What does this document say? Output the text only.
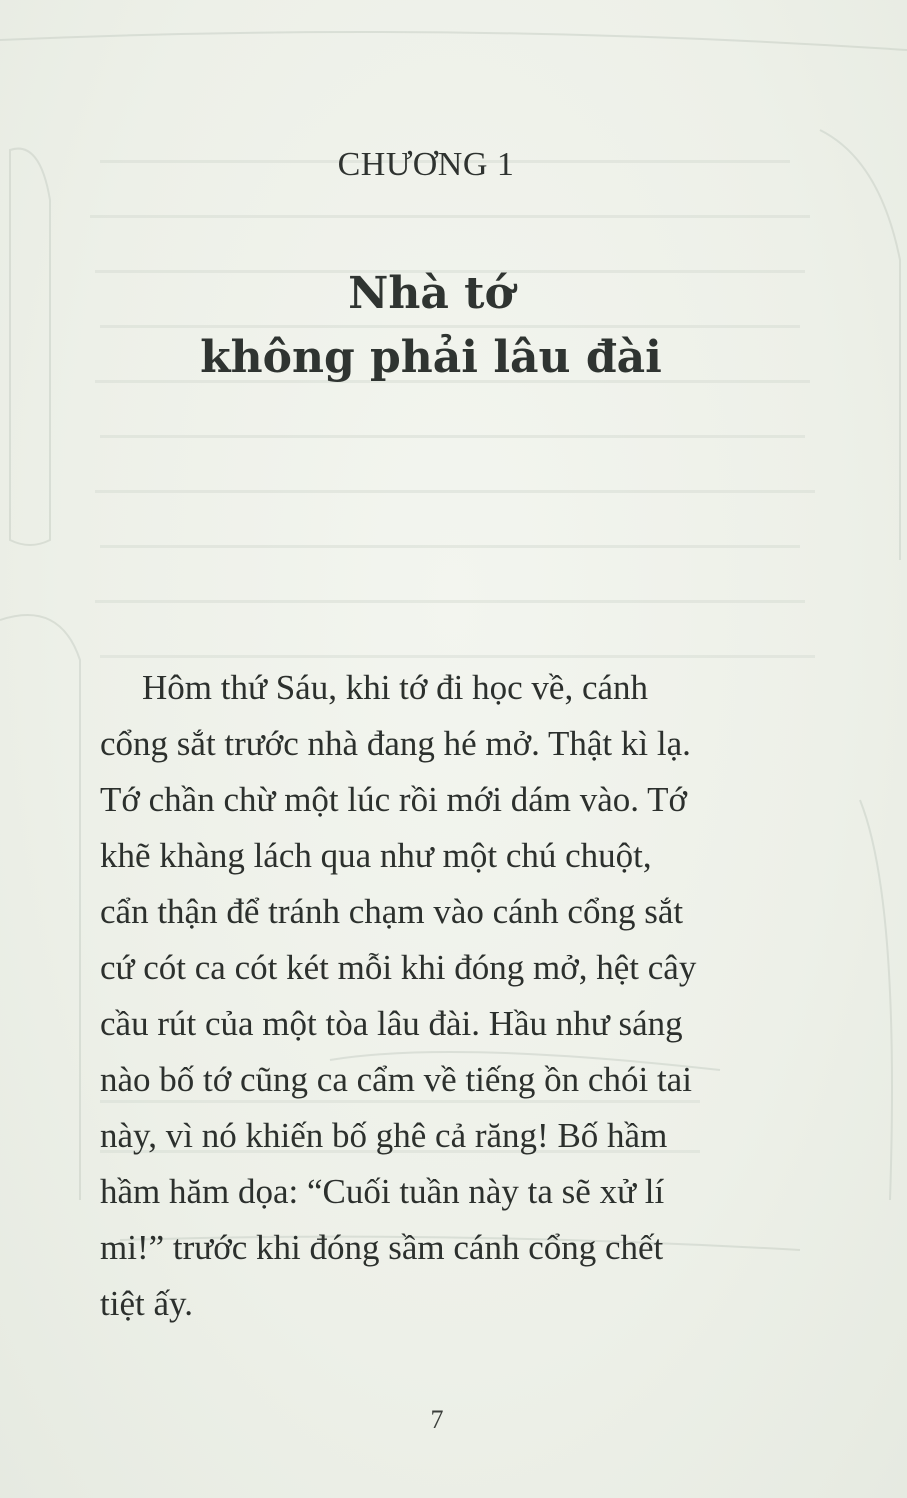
CHƯƠNG 1
Nhà tớ
không phải lâu đài
Hôm thứ Sáu, khi tớ đi học về, cánh
cổng sắt trước nhà đang hé mở. Thật kì lạ.
Tớ chần chừ một lúc rồi mới dám vào. Tớ
khẽ khàng lách qua như một chú chuột,
cẩn thận để tránh chạm vào cánh cổng sắt
cứ cót ca cót két mỗi khi đóng mở, hệt cây
cầu rút của một tòa lâu đài. Hầu như sáng
nào bố tớ cũng ca cẩm về tiếng ồn chói tai
này, vì nó khiến bố ghê cả răng! Bố hầm
hầm hăm dọa: “Cuối tuần này ta sẽ xử lí
mi!” trước khi đóng sầm cánh cổng chết
tiệt ấy.
7
